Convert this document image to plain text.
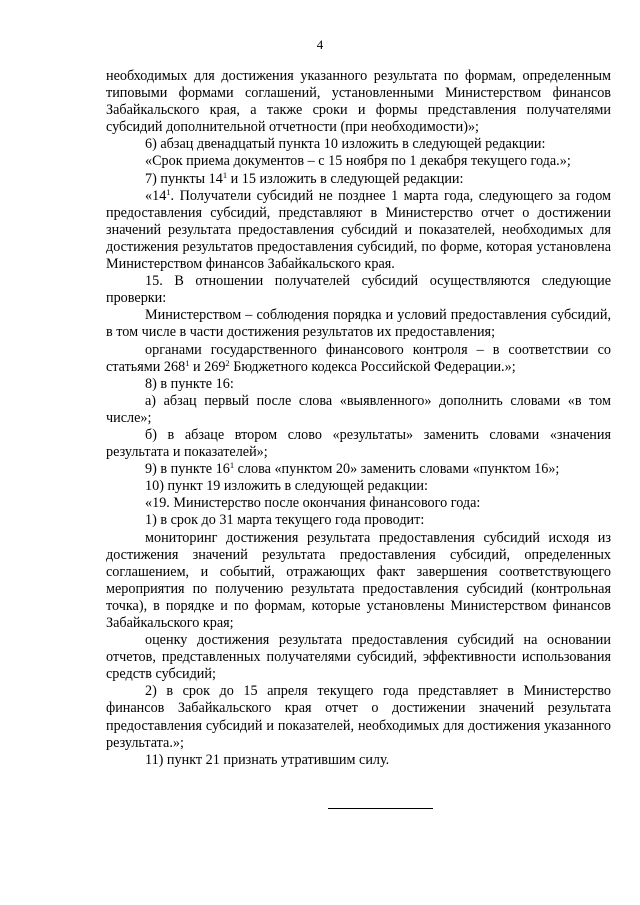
4

необходимых для достижения указанного результата по формам, определенным типовыми формами соглашений, установленными Министерством финансов Забайкальского края, а также сроки и формы представления получателями субсидий дополнительной отчетности (при необходимости)»;

6) абзац двенадцатый пункта 10 изложить в следующей редакции:

«Срок приема документов – с 15 ноября по 1 декабря текущего года.»;

7) пункты $14^1$ и 15 изложить в следующей редакции:

«$14^1$. Получатели субсидий не позднее 1 марта года, следующего за годом предоставления субсидий, представляют в Министерство отчет о достижении значений результата предоставления субсидий и показателей, необходимых для достижения результатов предоставления субсидий, по форме, которая установлена Министерством финансов Забайкальского края.

15. В отношении получателей субсидий осуществляются следующие проверки:

Министерством – соблюдения порядка и условий предоставления субсидий, в том числе в части достижения результатов их предоставления;

органами государственного финансового контроля – в соответствии со статьями $268^1$ и $269^2$ Бюджетного кодекса Российской Федерации.»;

8) в пункте 16:

а) абзац первый после слова «выявленного» дополнить словами «в том числе»;

б) в абзаце втором слово «результаты» заменить словами «значения результата и показателей»;

9) в пункте $16^1$ слова «пунктом 20» заменить словами «пунктом 16»;

10) пункт 19 изложить в следующей редакции:

«19. Министерство после окончания финансового года:

1) в срок до 31 марта текущего года проводит:

мониторинг достижения результата предоставления субсидий исходя из достижения значений результата предоставления субсидий, определенных соглашением, и событий, отражающих факт завершения соответствующего мероприятия по получению результата предоставления субсидий (контрольная точка), в порядке и по формам, которые установлены Министерством финансов Забайкальского края;

оценку достижения результата предоставления субсидий на основании отчетов, представленных получателями субсидий, эффективности использования средств субсидий;

2) в срок до 15 апреля текущего года представляет в Министерство финансов Забайкальского края отчет о достижении значений результата предоставления субсидий и показателей, необходимых для достижения указанного результата.»;

11) пункт 21 признать утратившим силу.
